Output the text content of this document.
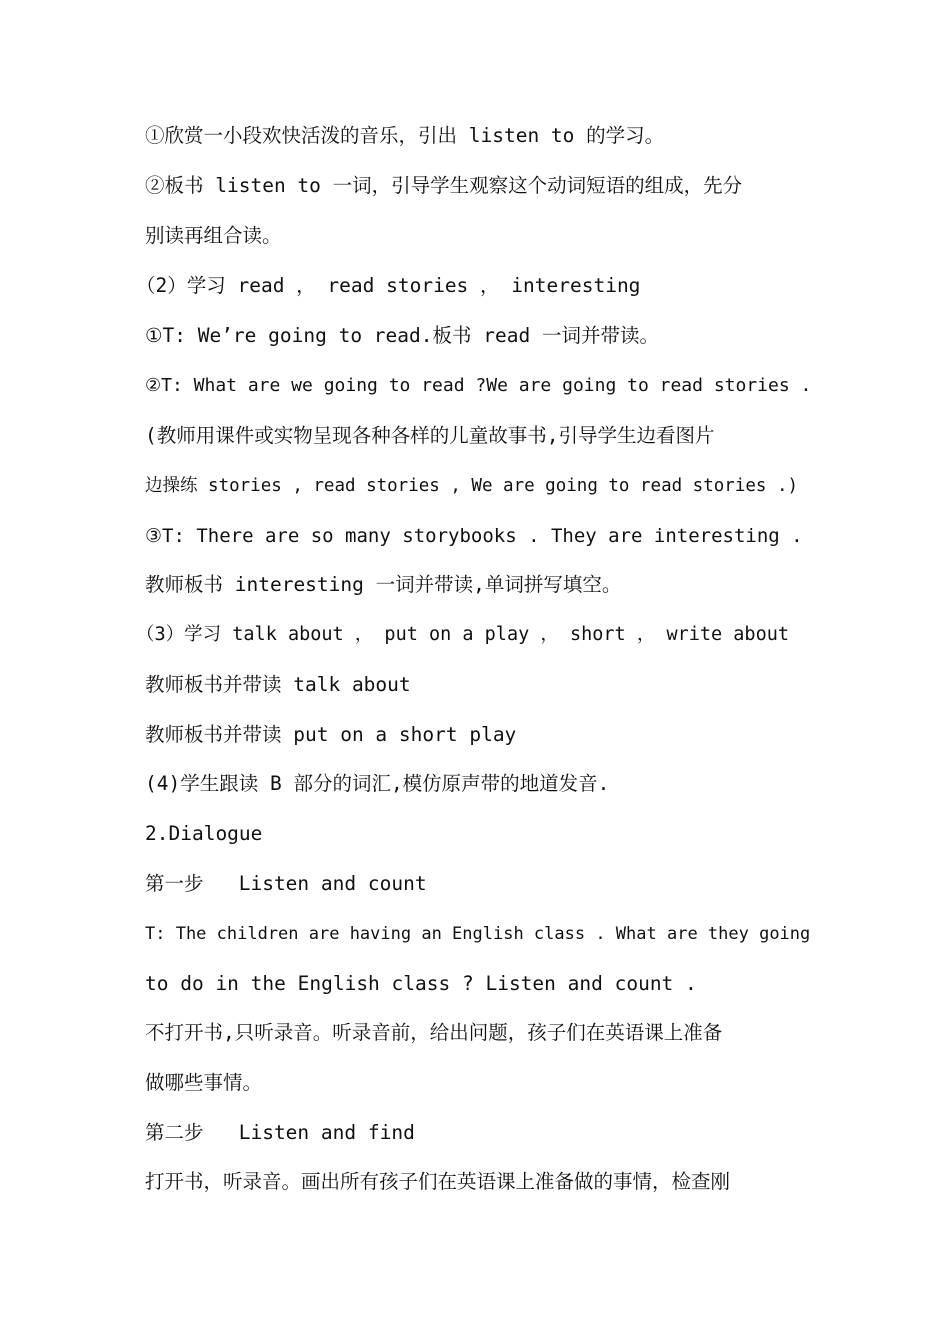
①欣赏一小段欢快活泼的音乐，引出 listen to 的学习。
②板书 listen to 一词，引导学生观察这个动词短语的组成，先分
别读再组合读。
（2）学习 read ， read stories ， interesting
①T: We’re going to read.板书 read 一词并带读。
②T: What are we going to read ?We are going to read stories .
(教师用课件或实物呈现各种各样的儿童故事书,引导学生边看图片
边操练 stories , read stories , We are going to read stories .)
③T: There are so many storybooks . They are interesting .
教师板书 interesting 一词并带读,单词拼写填空。
（3）学习 talk about ， put on a play ， short ， write about
教师板书并带读 talk about
教师板书并带读 put on a short play
(4)学生跟读 B 部分的词汇,模仿原声带的地道发音.
2.Dialogue
第一步   Listen and count
T: The children are having an English class . What are they going
to do in the English class ? Listen and count .
不打开书,只听录音。听录音前，给出问题，孩子们在英语课上准备
做哪些事情。
第二步   Listen and find
打开书，听录音。画出所有孩子们在英语课上准备做的事情，检查刚
